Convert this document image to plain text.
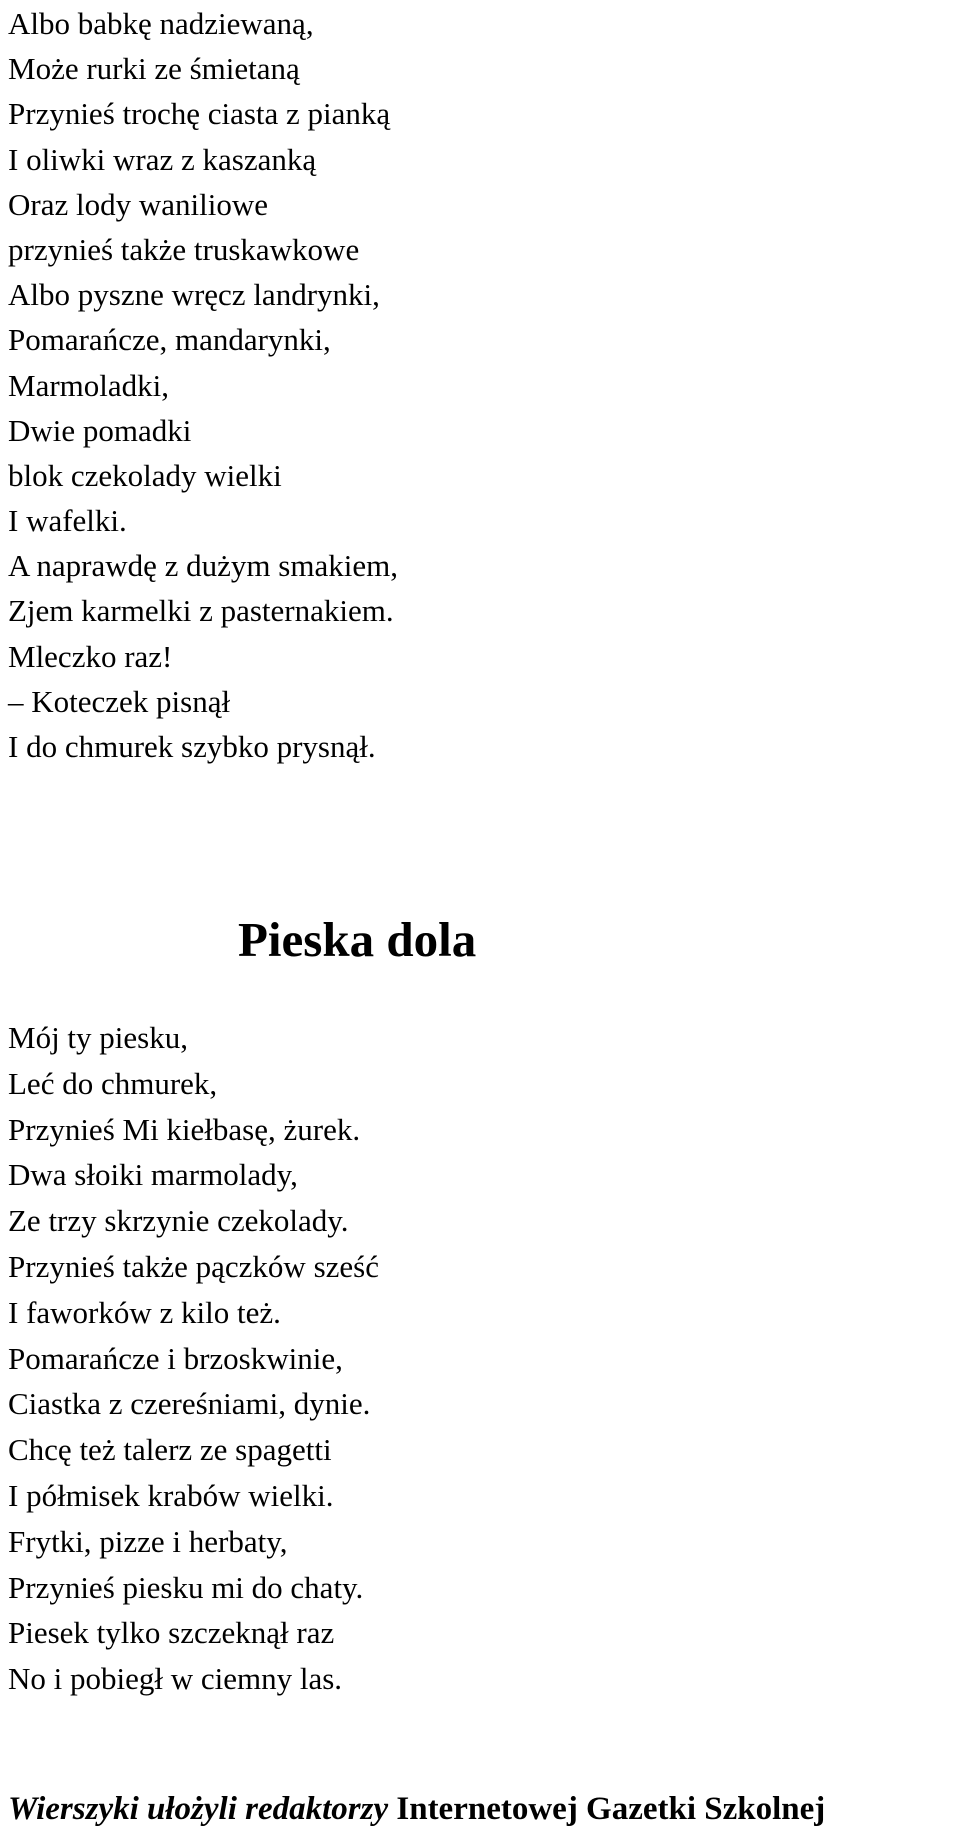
Albo babkę nadziewaną,
Może rurki ze śmietaną
Przynieś trochę ciasta z pianką
I oliwki wraz z kaszanką
Oraz lody waniliowe
przynieś także truskawkowe
Albo pyszne wręcz landrynki,
Pomarańcze, mandarynki,
Marmoladki,
Dwie pomadki
blok czekolady wielki
I wafelki.
A naprawdę z dużym smakiem,
Zjem karmelki z pasternakiem.
Mleczko raz!
– Koteczek pisnął
I do chmurek szybko prysnął.
Pieska dola
Mój ty piesku,
Leć do chmurek,
Przynieś Mi kiełbasę, żurek.
Dwa słoiki marmolady,
Ze trzy skrzynie czekolady.
Przynieś także pączków sześć
I faworków z kilo też.
Pomarańcze i brzoskwinie,
Ciastka z czereśniami, dynie.
Chcę też talerz ze spagetti
I półmisek krabów wielki.
Frytki, pizze i herbaty,
Przynieś piesku mi do chaty.
Piesek tylko szczeknął raz
No i pobiegł w ciemny las.
Wierszyki ułożyli redaktorzy Internetowej Gazetki Szkolnej
